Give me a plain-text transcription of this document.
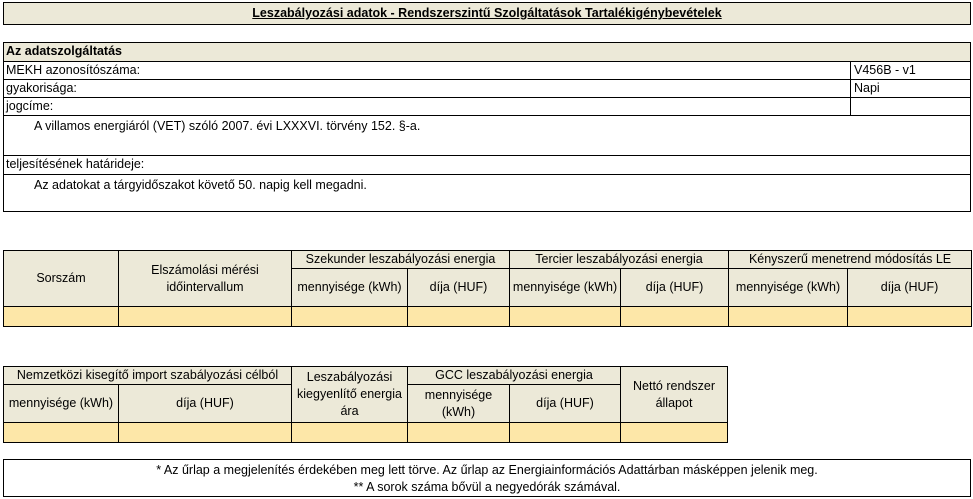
Leszabályozási adatok - Rendszerszintű Szolgáltatások Tartalékigénybevételek
Az adatszolgáltatás
MEKH azonosítószáma:	V456B - v1
gyakorisága:	Napi
jogcíme:
A villamos energiáról (VET) szóló 2007. évi LXXXVI. törvény 152. §-a.
teljesítésének határideje:
Az adatokat a tárgyidőszakot követő 50. napig kell megadni.
Sorszám	Elszámolási mérési időintervallum	Szekunder leszabályozási energia		Tercier leszabályozási energia		Kényszerű menetrend módosítás LE	
		mennyisége (kWh)	díja (HUF)	mennyisége (kWh)	díja (HUF)	mennyisége (kWh)	díja (HUF)

Nemzetközi kisegítő import szabályozási célból		Leszabályozási kiegyenlítő energia ára	GCC leszabályozási energia		Nettó rendszer állapot
mennyisége (kWh)	díja (HUF)		mennyisége (kWh)	díja (HUF)	

* Az űrlap a megjelenítés érdekében meg lett törve. Az űrlap az Energiainformációs Adattárban másképpen jelenik meg.
** A sorok száma bővül a negyedórák számával.
